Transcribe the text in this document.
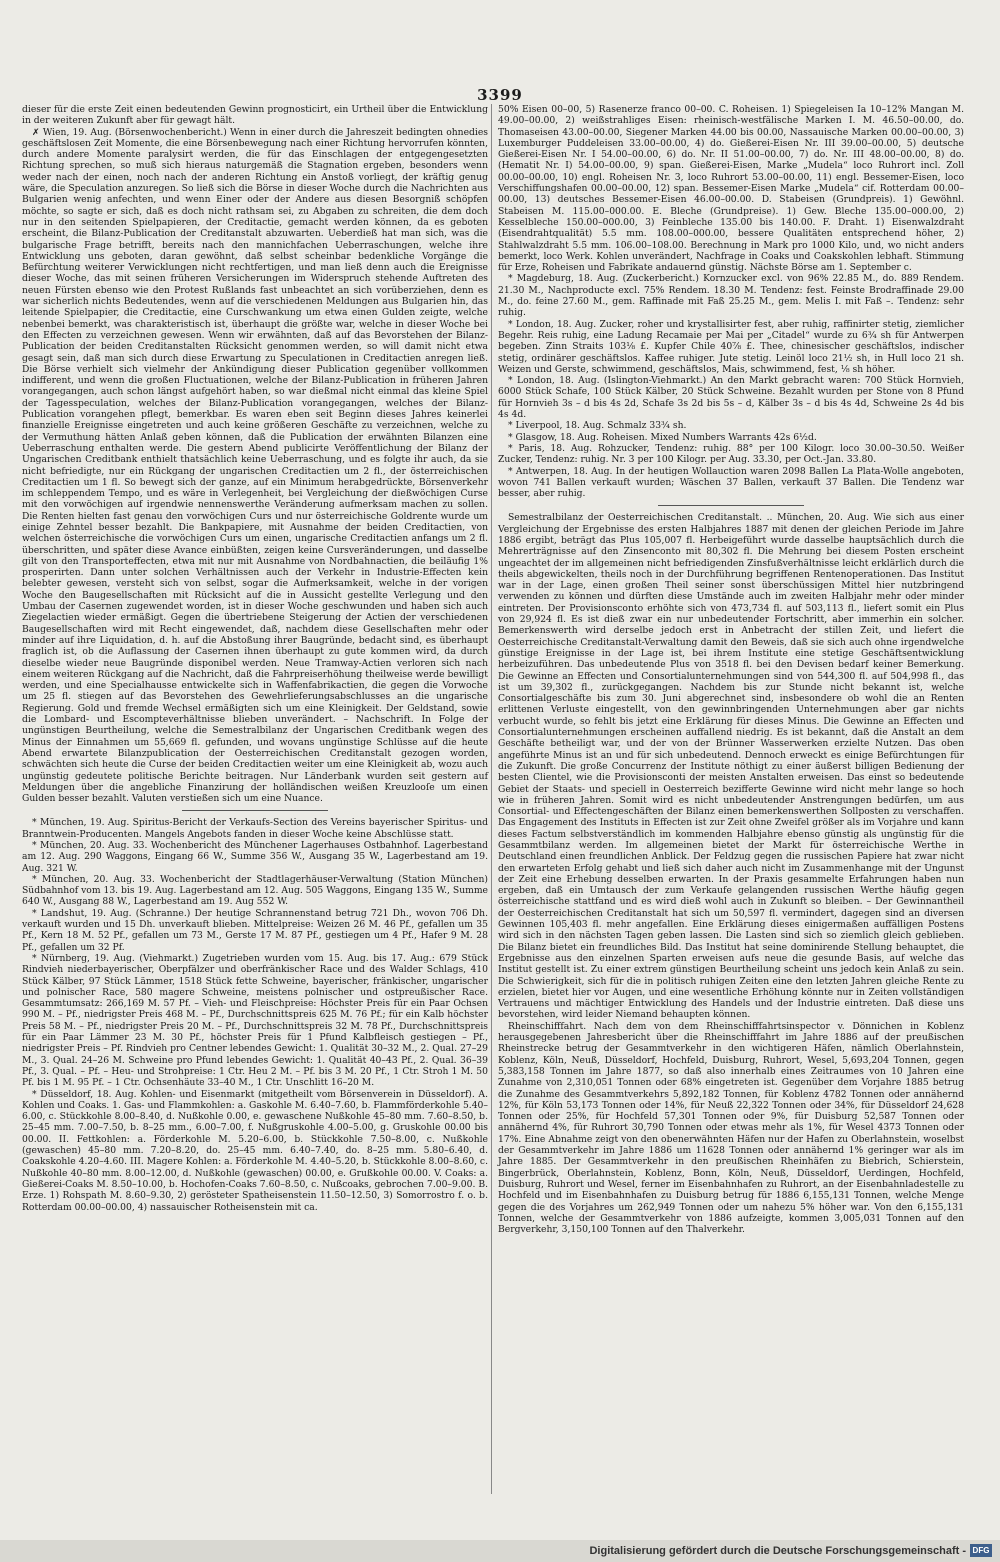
3399

dieser für die erste Zeit einen bedeutenden Gewinn prognosticirt, ein Urtheil über die Entwicklung in der weiteren Zukunft aber für gewagt hält.

✗ Wien, 19. Aug. (Börsenwochenbericht.) Wenn in einer durch die Jahreszeit bedingten ohnedies geschäftslosen Zeit Momente, die eine Börsenbewegung nach einer Richtung hervorrufen könnten, durch andere Momente paralysirt werden, die für das Einschlagen der entgegengesetzten Richtung sprechen, so muß sich hieraus naturgemäß die Stagnation ergeben, besonders wenn weder nach der einen, noch nach der anderen Richtung ein Anstoß vorliegt, der kräftig genug wäre, die Speculation anzuregen. So ließ sich die Börse in dieser Woche durch die Nachrichten aus Bulgarien wenig anfechten, und wenn Einer oder der Andere aus diesen Besorgniß schöpfen möchte, so sagte er sich, daß es doch nicht rathsam sei, zu Abgaben zu schreiten, die dem doch nur in den seitenden Spielpapieren, der Creditactie, gemacht werden können, da es geboten erscheint, die Bilanz-Publication der Creditanstalt abzuwarten. Ueberdieß hat man sich, was die bulgarische Frage betrifft, bereits nach den mannichfachen Ueberraschungen, welche ihre Entwicklung uns geboten, daran gewöhnt, daß selbst scheinbar bedenkliche Vorgänge die Befürchtung weiterer Verwicklungen nicht rechtfertigen, und man ließ denn auch die Ereignisse dieser Woche, das mit seinen früheren Versicherungen im Widerspruch stehende Auftreten des neuen Fürsten ebenso wie den Protest Rußlands fast unbeachtet an sich vorüberziehen, denn es war sicherlich nichts Bedeutendes, wenn auf die verschiedenen Meldungen aus Bulgarien hin, das leitende Spielpapier, die Creditactie, eine Curschwankung um etwa einen Gulden zeigte, welche nebenbei bemerkt, was charakteristisch ist, überhaupt die größte war, welche in dieser Woche bei den Effecten zu verzeichnen gewesen. Wenn wir erwähnten, daß auf das Bevorstehen der Bilanz-Publication der beiden Creditanstalten Rücksicht genommen werden, so will damit nicht etwa gesagt sein, daß man sich durch diese Erwartung zu Speculationen in Creditactien anregen ließ. Die Börse verhielt sich vielmehr der Ankündigung dieser Publication gegenüber vollkommen indifferent, und wenn die großen Fluctuationen, welche der Bilanz-Publication in früheren Jahren vorangegangen, auch schon längst aufgehört haben, so war dießmal nicht einmal das kleine Spiel der Tagesspeculation, welches der Bilanz-Publication vorangegangen, welches der Bilanz-Publication vorangehen pflegt, bemerkbar. Es waren eben seit Beginn dieses Jahres keinerlei finanzielle Ereignisse eingetreten und auch keine größeren Geschäfte zu verzeichnen, welche zu der Vermuthung hätten Anlaß geben können, daß die Publication der erwähnten Bilanzen eine Ueberraschung enthalten werde. Die gestern Abend publicirte Veröffentlichung der Bilanz der Ungarischen Creditbank enthielt thatsächlich keine Ueberraschung, und es folgte ihr auch, da sie nicht befriedigte, nur ein Rückgang der ungarischen Creditactien um 2 fl., der österreichischen Creditactien um 1 fl. So bewegt sich der ganze, auf ein Minimum herabgedrückte, Börsenverkehr im schleppendem Tempo, und es wäre in Verlegenheit, bei Vergleichung der dießwöchigen Curse mit den vorwöchigen auf irgendwie nennenswerthe Veränderung aufmerksam machen zu sollen. Die Renten hielten fast genau den vorwöchigen Curs und nur österreichische Goldrente wurde um einige Zehntel besser bezahlt. Die Bankpapiere, mit Ausnahme der beiden Creditactien, von welchen österreichische die vorwöchigen Curs um einen, ungarische Creditactien anfangs um 2 fl. überschritten, und später diese Avance einbüßten, zeigen keine Cursveränderungen, und dasselbe gilt von den Transporteffecten, etwa mit nur mit Ausnahme von Nordbahnactien, die beiläufig 1% prosperirten. Dann unter solchen Verhältnissen auch der Verkehr in Industrie-Effecten kein belebter gewesen, versteht sich von selbst, sogar die Aufmerksamkeit, welche in der vorigen Woche den Baugesellschaften mit Rücksicht auf die in Aussicht gestellte Verlegung und den Umbau der Casernen zugewendet worden, ist in dieser Woche geschwunden und haben sich auch Ziegelactien wieder ermäßigt. Gegen die übertriebene Steigerung der Actien der verschiedenen Baugesellschaften wird mit Recht eingewendet, daß, nachdem diese Gesellschaften mehr oder minder auf ihre Liquidation, d. h. auf die Abstoßung ihrer Baugründe, bedacht sind, es überhaupt fraglich ist, ob die Auflassung der Casernen ihnen überhaupt zu gute kommen wird, da durch dieselbe wieder neue Baugründe disponibel werden. Neue Tramway-Actien verloren sich nach einem weiteren Rückgang auf die Nachricht, daß die Fahrpreiserhöhung theilweise werde bewilligt werden, und eine Specialhausse entwickelte sich in Waffenfabrikactien, die gegen die Vorwoche um 25 fl. stiegen auf das Bevorstehen des Gewehrlieferungsabschlusses an die ungarische Regierung. Gold und fremde Wechsel ermäßigten sich um eine Kleinigkeit. Der Geldstand, sowie die Lombard- und Escompteverhältnisse blieben unverändert. – Nachschrift. In Folge der ungünstigen Beurtheilung, welche die Semestralbilanz der Ungarischen Creditbank wegen des Minus der Einnahmen um 55,669 fl. gefunden, und wovans ungünstige Schlüsse auf die heute Abend erwartete Bilanzpublication der Oesterreichischen Creditanstalt gezogen worden, schwächten sich heute die Curse der beiden Creditactien weiter um eine Kleinigkeit ab, wozu auch ungünstig gedeutete politische Berichte beitragen. Nur Länderbank wurden seit gestern auf Meldungen über die angebliche Finanzirung der holländischen weißen Kreuzlooſe um einen Gulden besser bezahlt. Valuten verstießen sich um eine Nuance.

* München, 19. Aug. Spiritus-Bericht der Verkaufs-Section des Vereins bayerischer Spiritus- und Branntwein-Producenten. Mangels Angebots fanden in dieser Woche keine Abschlüsse statt.

* München, 20. Aug. 33. Wochenbericht des Münchener Lagerhauses Ostbahnhof. Lagerbestand am 12. Aug. 290 Waggons, Eingang 66 W., Summe 356 W., Ausgang 35 W., Lagerbestand am 19. Aug. 321 W.

* München, 20. Aug. 33. Wochenbericht der Stadtlagerhäuser-Verwaltung (Station München) Südbahnhof vom 13. bis 19. Aug. Lagerbestand am 12. Aug. 505 Waggons, Eingang 135 W., Summe 640 W., Ausgang 88 W., Lagerbestand am 19. Aug 552 W.

* Landshut, 19. Aug. (Schranne.) Der heutige Schrannenstand betrug 721 Dh., wovon 706 Dh. verkauft wurden und 15 Dh. unverkauft blieben. Mittelpreise: Weizen 26 M. 46 Pf., gefallen um 35 Pf., Kern 18 M. 52 Pf., gefallen um 73 M., Gerste 17 M. 87 Pf., gestiegen um 4 Pf., Hafer 9 M. 28 Pf., gefallen um 32 Pf.

* Nürnberg, 19. Aug. (Viehmarkt.) Zugetrieben wurden vom 15. Aug. bis 17. Aug.: 679 Stück Rindvieh niederbayerischer, Oberpfälzer und oberfränkischer Race und des Walder Schlags, 410 Stück Kälber, 97 Stück Lämmer, 1518 Stück fette Schweine, bayerischer, fränkischer, ungarischer und polnischer Race, 580 magere Schweine, meistens polnischer und ostpreußischer Race. Gesammtumsatz: 266,169 M. 57 Pf. – Vieh- und Fleischpreise: Höchster Preis für ein Paar Ochsen 990 M. – Pf., niedrigster Preis 468 M. – Pf., Durchschnittspreis 625 M. 76 Pf.; für ein Kalb höchster Preis 58 M. – Pf., niedrigster Preis 20 M. – Pf., Durchschnittspreis 32 M. 78 Pf., Durchschnittspreis für ein Paar Lämmer 23 M. 30 Pf., höchster Preis für 1 Pfund Kalbfleisch gestiegen – Pf., niedrigster Preis – Pf. Rindvieh pro Centner lebendes Gewicht: 1. Qualität 30–32 M., 2. Qual. 27–29 M., 3. Qual. 24–26 M. Schweine pro Pfund lebendes Gewicht: 1. Qualität 40–43 Pf., 2. Qual. 36–39 Pf., 3. Qual. – Pf. – Heu- und Strohpreise: 1 Ctr. Heu 2 M. – Pf. bis 3 M. 20 Pf., 1 Ctr. Stroh 1 M. 50 Pf. bis 1 M. 95 Pf. – 1 Ctr. Ochsenhäute 33–40 M., 1 Ctr. Unschlitt 16–20 M.

* Düsseldorf, 18. Aug. Kohlen- und Eisenmarkt (mitgetheilt vom Börsenverein in Düsseldorf). A. Kohlen und Coaks. 1. Gas- und Flammkohlen: a. Gaskohle M. 6.40–7.60, b. Flammförderkohle 5.40–6.00, c. Stückkohle 8.00–8.40, d. Nußkohle 0.00, e. gewaschene Nußkohle 45–80 mm. 7.60–8.50, b. 25–45 mm. 7.00–7.50, b. 8–25 mm., 6.00–7.00, f. Nußgruskohle 4.00–5.00, g. Gruskohle 00.00 bis 00.00. II. Fettkohlen: a. Förderkohle M. 5.20–6.00, b. Stückkohle 7.50–8.00, c. Nußkohle (gewaschen) 45–80 mm. 7.20–8.20, do. 25–45 mm. 6.40–7.40, do. 8–25 mm. 5.80–6.40, d. Coakskohle 4.20–4.60. III. Magere Kohlen: a. Förderkohle M. 4.40–5.20, b. Stückkohle 8.00–8.60, c. Nußkohle 40–80 mm. 8.00–12.00, d. Nußkohle (gewaschen) 00.00, e. Grußkohle 00.00. V. Coaks: a. Gießerei-Coaks M. 8.50–10.00, b. Hochofen-Coaks 7.60–8.50, c. Nußcoaks, gebrochen 7.00–9.00. B. Erze. 1) Rohspath M. 8.60–9.30, 2) gerösteter Spatheisenstein 11.50–12.50, 3) Somorrostro f. o. b. Rotterdam 00.00–00.00, 4) nassauischer Rotheisenstein mit ca.

50% Eisen 00–00, 5) Rasenerze franco 00–00. C. Roheisen. 1) Spiegeleisen Ia 10–12% Mangan M. 49.00–00.00, 2) weißstrahliges Eisen: rheinisch-westfälische Marken I. M. 46.50–00.00, do. Thomaseisen 43.00–00.00, Siegener Marken 44.00 bis 00.00, Nassauische Marken 00.00–00.00, 3) Luxemburger Puddeleisen 33.00–00.00, 4) do. Gießerei-Eisen Nr. III 39.00–00.00, 5) deutsche Gießerei-Eisen Nr. I 54.00–00.00, 6) do. Nr. II 51.00–00.00, 7) do. Nr. III 48.00–00.00, 8) do. (Hematit Nr. I) 54.00–00.00, 9) span. Gießerei-Eisen, Marke „Mudela“ loco Ruhrort incl. Zoll 00.00–00.00, 10) engl. Roheisen Nr. 3, loco Ruhrort 53.00–00.00, 11) engl. Bessemer-Eisen, loco Verschiffungshafen 00.00–00.00, 12) span. Bessemer-Eisen Marke „Mudela“ cif. Rotterdam 00.00–00.00, 13) deutsches Bessemer-Eisen 46.00–00.00. D. Stabeisen (Grundpreis). 1) Gewöhnl. Stabeisen M. 115.00–000.00. E. Bleche (Grundpreise). 1) Gew. Bleche 135.00–000.00, 2) Kesselbleche 150.00–000.00, 3) Feinbleche 135.00 bis 140.00. F. Draht. 1) Eisenwalzdraht (Eisendrahtqualität) 5.5 mm. 108.00–000.00, bessere Qualitäten entsprechend höher, 2) Stahlwalzdraht 5.5 mm. 106.00–108.00. Berechnung in Mark pro 1000 Kilo, und, wo nicht anders bemerkt, loco Werk. Kohlen unverändert, Nachfrage in Coaks und Coakskohlen lebhaft. Stimmung für Erze, Roheisen und Fabrikate andauernd günstig. Nächste Börse am 1. September c.

* Magdeburg, 18. Aug. (Zuckerbericht.) Kornzucker excl. von 96% 22.85 M., do. 889 Rendem. 21.30 M., Nachproducte excl. 75% Rendem. 18.30 M. Tendenz: fest. Feinste Brodraffinade 29.00 M., do. feine 27.60 M., gem. Raffinade mit Faß 25.25 M., gem. Melis I. mit Faß –. Tendenz: sehr ruhig.

* London, 18. Aug. Zucker, roher und krystallisirter fest, aber ruhig, raffinirter stetig, ziemlicher Begehr. Reis ruhig, eine Ladung Recamaie per Mai per „Citadel“ wurde zu 6¾ sh für Antwerpen begeben. Zinn Straits 103⅛ £. Kupfer Chile 40⅞ £. Thee, chinesischer geschäftslos, indischer stetig, ordinärer geschäftslos. Kaffee ruhiger. Jute stetig. Leinöl loco 21½ sh, in Hull loco 21 sh. Weizen und Gerste, schwimmend, geschäftslos, Mais, schwimmend, fest, ⅛ sh höher.

* London, 18. Aug. (Islington-Viehmarkt.) An den Markt gebracht waren: 700 Stück Hornvieh, 6000 Stück Schafe, 100 Stück Kälber, 20 Stück Schweine. Bezahlt wurden per Stone von 8 Pfund für Hornvieh 3s – d bis 4s 2d, Schafe 3s 2d bis 5s – d, Kälber 3s – d bis 4s 4d, Schweine 2s 4d bis 4s 4d.

* Liverpool, 18. Aug. Schmalz 33¾ sh.

* Glasgow, 18. Aug. Roheisen. Mixed Numbers Warrants 42s 6½d.

* Paris, 18. Aug. Rohzucker, Tendenz: ruhig. 88° per 100 Kilogr. loco 30.00–30.50. Weißer Zucker, Tendenz: ruhig. Nr. 3 per 100 Kilogr. per Aug. 33.30, per Oct.-Jan. 33.80.

* Antwerpen, 18. Aug. In der heutigen Wollauction waren 2098 Ballen La Plata-Wolle angeboten, wovon 741 Ballen verkauft wurden; Wäschen 37 Ballen, verkauft 37 Ballen. Die Tendenz war besser, aber ruhig.

Semestralbilanz der Oesterreichischen Creditanstalt. .. München, 20. Aug. Wie sich aus einer Vergleichung der Ergebnisse des ersten Halbjahres 1887 mit denen der gleichen Periode im Jahre 1886 ergibt, beträgt das Plus 105,007 fl. Herbeigeführt wurde dasselbe hauptsächlich durch die Mehrerträgnisse auf den Zinsenconto mit 80,302 fl. Die Mehrung bei diesem Posten erscheint ungeachtet der im allgemeinen nicht befriedigenden Zinsfußverhältnisse leicht erklärlich durch die theils abgewickelten, theils noch in der Durchführung begriffenen Rentenoperationen. Das Institut war in der Lage, einen großen Theil seiner sonst überschüssigen Mittel hier nutzbringend verwenden zu können und dürften diese Umstände auch im zweiten Halbjahr mehr oder minder eintreten. Der Provisionsconto erhöhte sich von 473,734 fl. auf 503,113 fl., liefert somit ein Plus von 29,924 fl. Es ist dieß zwar ein nur unbedeutender Fortschritt, aber immerhin ein solcher. Bemerkenswerth wird derselbe jedoch erst in Anbetracht der stillen Zeit, und liefert die Oesterreichische Creditanstalt-Verwaltung damit den Beweis, daß sie sich auch ohne irgendwelche günstige Ereignisse in der Lage ist, bei ihrem Institute eine stetige Geschäftsentwicklung herbeizuführen. Das unbedeutende Plus von 3518 fl. bei den Devisen bedarf keiner Bemerkung. Die Gewinne an Effecten und Consortialunternehmungen sind von 544,300 fl. auf 504,998 fl., das ist um 39,302 fl., zurückgegangen. Nachdem bis zur Stunde nicht bekannt ist, welche Consortialgeschäfte bis zum 30. Juni abgerechnet sind, insbesondere ob wohl die an Renten erlittenen Verluste eingestellt, von den gewinnbringenden Unternehmungen aber gar nichts verbucht wurde, so fehlt bis jetzt eine Erklärung für dieses Minus. Die Gewinne an Effecten und Consortialunternehmungen erscheinen auffallend niedrig. Es ist bekannt, daß die Anstalt an dem Geschäfte betheiligt war, und der von der Brünner Wasserwerken erzielte Nutzen. Das oben angeführte Minus ist an und für sich unbedeutend. Dennoch erweckt es einige Befürchtungen für die Zukunft. Die große Concurrenz der Institute nöthigt zu einer äußerst billigen Bedienung der besten Clientel, wie die Provisionsconti der meisten Anstalten erweisen. Das einst so bedeutende Gebiet der Staats- und speciell in Oesterreich bezifferte Gewinne wird nicht mehr lange so hoch wie in früheren Jahren. Somit wird es nicht unbedeutender Anstrengungen bedürfen, um aus Consortial- und Effectengeschäften der Bilanz einen bemerkenswerthen Sollposten zu verschaffen. Das Engagement des Instituts in Effecten ist zur Zeit ohne Zweifel größer als im Vorjahre und kann dieses Factum selbstverständlich im kommenden Halbjahre ebenso günstig als ungünstig für die Gesammtbilanz werden. Im allgemeinen bietet der Markt für österreichische Werthe in Deutschland einen freundlichen Anblick. Der Feldzug gegen die russischen Papiere hat zwar nicht den erwarteten Erfolg gehabt und ließ sich daher auch nicht im Zusammenhange mit der Ungunst der Zeit eine Erhebung desselben erwarten. In der Praxis gesammelte Erfahrungen haben nun ergeben, daß ein Umtausch der zum Verkaufe gelangenden russischen Werthe häufig gegen österreichische stattfand und es wird dieß wohl auch in Zukunft so bleiben. – Der Gewinnantheil der Oesterreichischen Creditanstalt hat sich um 50,597 fl. vermindert, dagegen sind an diversen Gewinnen 105,403 fl. mehr angefallen. Eine Erklärung dieses einigermaßen auffälligen Postens wird sich in den nächsten Tagen geben lassen. Die Lasten sind sich so ziemlich gleich geblieben. Die Bilanz bietet ein freundliches Bild. Das Institut hat seine dominirende Stellung behauptet, die Ergebnisse aus den einzelnen Sparten erweisen aufs neue die gesunde Basis, auf welche das Institut gestellt ist. Zu einer extrem günstigen Beurtheilung scheint uns jedoch kein Anlaß zu sein. Die Schwierigkeit, sich für die in politisch ruhigen Zeiten eine den letzten Jahren gleiche Rente zu erzielen, bietet hier vor Augen, und eine wesentliche Erhöhung könnte nur in Zeiten vollständigen Vertrauens und mächtiger Entwicklung des Handels und der Industrie eintreten. Daß diese uns bevorstehen, wird leider Niemand behaupten können.

Rheinschifffahrt. Nach dem von dem Rheinschifffahrtsinspector v. Dönnichen in Koblenz herausgegebenen Jahresbericht über die Rheinschifffahrt im Jahre 1886 auf der preußischen Rheinstrecke betrug der Gesammtverkehr in den wichtigeren Häfen, nämlich Oberlahnstein, Koblenz, Köln, Neuß, Düsseldorf, Hochfeld, Duisburg, Ruhrort, Wesel, 5,693,204 Tonnen, gegen 5,383,158 Tonnen im Jahre 1877, so daß also innerhalb eines Zeitraumes von 10 Jahren eine Zunahme von 2,310,051 Tonnen oder 68% eingetreten ist. Gegenüber dem Vorjahre 1885 betrug die Zunahme des Gesammtverkehrs 5,892,182 Tonnen, für Koblenz 4782 Tonnen oder annähernd 12%, für Köln 53,173 Tonnen oder 14%, für Neuß 22,322 Tonnen oder 34%, für Düsseldorf 24,628 Tonnen oder 25%, für Hochfeld 57,301 Tonnen oder 9%, für Duisburg 52,587 Tonnen oder annähernd 4%, für Ruhrort 30,790 Tonnen oder etwas mehr als 1%, für Wesel 4373 Tonnen oder 17%. Eine Abnahme zeigt von den obenerwähnten Häfen nur der Hafen zu Oberlahnstein, woselbst der Gesammtverkehr im Jahre 1886 um 11628 Tonnen oder annähernd 1% geringer war als im Jahre 1885. Der Gesammtverkehr in den preußischen Rheinhäfen zu Biebrich, Schierstein, Bingerbrück, Oberlahnstein, Koblenz, Bonn, Köln, Neuß, Düsseldorf, Uerdingen, Hochfeld, Duisburg, Ruhrort und Wesel, ferner im Eisenbahnhafen zu Ruhrort, an der Eisenbahnladestelle zu Hochfeld und im Eisenbahnhafen zu Duisburg betrug für 1886 6,155,131 Tonnen, welche Menge gegen die des Vorjahres um 262,949 Tonnen oder um nahezu 5% höher war. Von den 6,155,131 Tonnen, welche der Gesammtverkehr von 1886 aufzeigte, kommen 3,005,031 Tonnen auf den Bergverkehr, 3,150,100 Tonnen auf den Thalverkehr.

Digitalisierung gefördert durch die Deutsche Forschungsgemeinschaft - DFG
